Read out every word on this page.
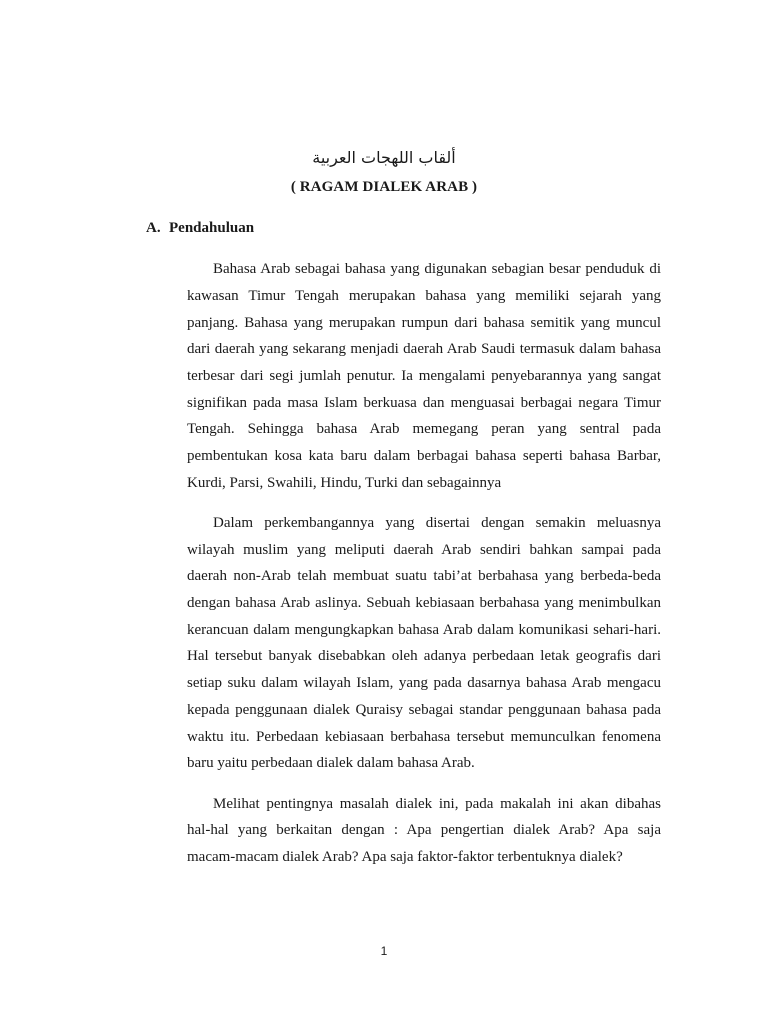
ألقاب اللهجات العربية
( RAGAM DIALEK ARAB )
A. Pendahuluan
Bahasa Arab sebagai bahasa yang digunakan sebagian besar penduduk di
kawasan Timur Tengah merupakan bahasa yang memiliki sejarah yang
panjang. Bahasa yang merupakan rumpun dari bahasa semitik yang muncul
dari daerah yang sekarang menjadi daerah Arab Saudi termasuk dalam bahasa
terbesar dari segi jumlah penutur. Ia mengalami penyebarannya yang sangat
signifikan pada masa Islam berkuasa dan menguasai berbagai negara Timur
Tengah. Sehingga bahasa Arab memegang peran yang sentral pada
pembentukan kosa kata baru dalam berbagai bahasa seperti bahasa Barbar,
Kurdi, Parsi, Swahili, Hindu, Turki dan sebagainnya
Dalam perkembangannya yang disertai dengan semakin meluasnya
wilayah muslim yang meliputi daerah Arab sendiri bahkan sampai pada
daerah non-Arab telah membuat suatu tabi’at berbahasa yang berbeda-beda
dengan bahasa Arab aslinya. Sebuah kebiasaan berbahasa yang menimbulkan
kerancuan dalam mengungkapkan bahasa Arab dalam komunikasi sehari-hari.
Hal tersebut banyak disebabkan oleh adanya perbedaan letak geografis dari
setiap suku dalam wilayah Islam, yang pada dasarnya bahasa Arab mengacu
kepada penggunaan dialek Quraisy sebagai standar penggunaan bahasa pada
waktu itu. Perbedaan kebiasaan berbahasa tersebut memunculkan fenomena
baru yaitu perbedaan dialek dalam bahasa Arab.
Melihat pentingnya masalah dialek ini, pada makalah ini akan dibahas
hal-hal yang berkaitan dengan : Apa pengertian dialek Arab? Apa saja
macam-macam dialek Arab? Apa saja faktor-faktor terbentuknya dialek?
1
